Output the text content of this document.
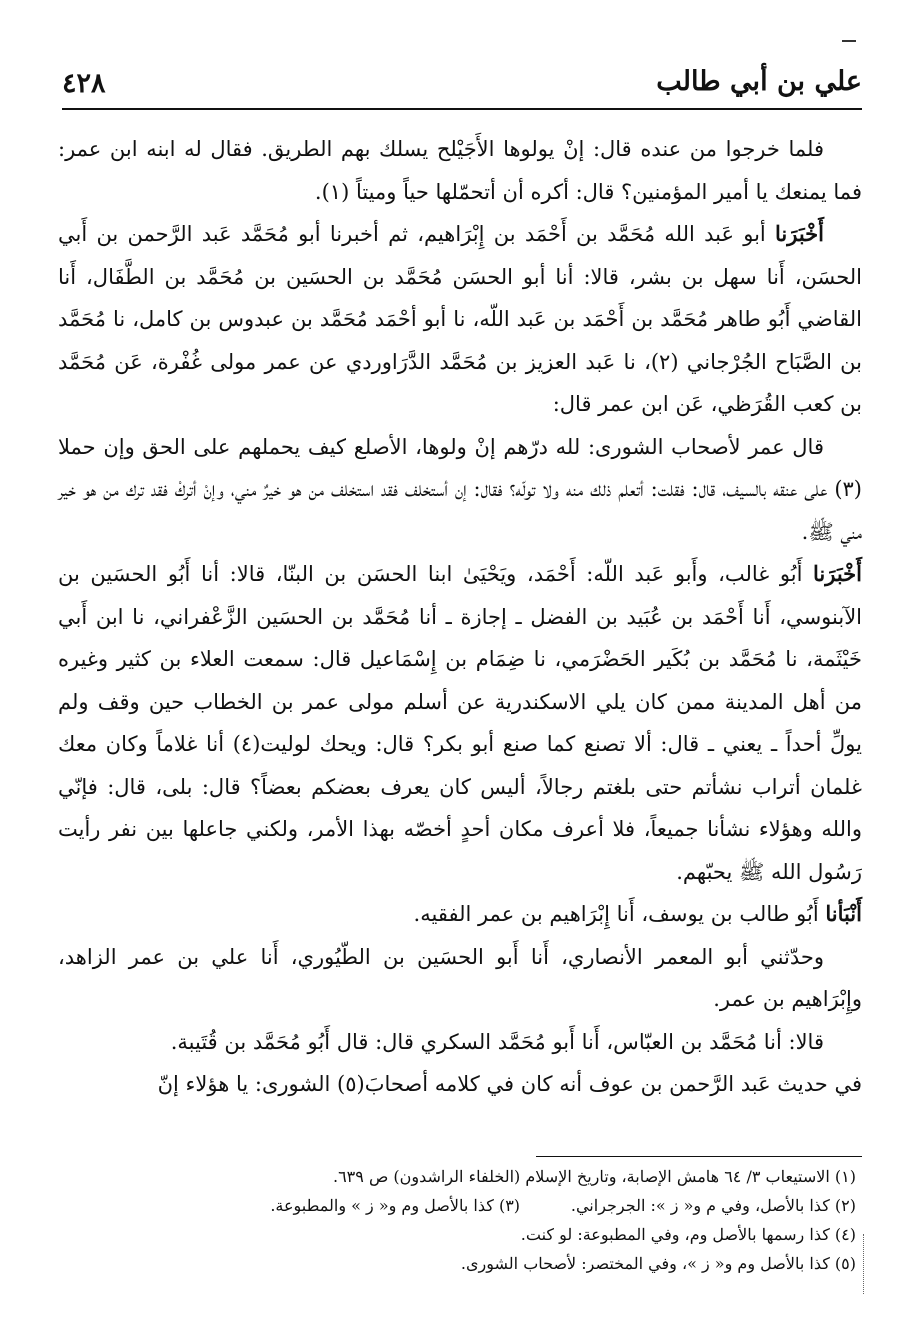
٤٢٨	علي بن أبي طالب

فلما خرجوا من عنده قال: إنْ يولوها الأَجَيْلح يسلك بهم الطريق. فقال له ابنه ابن عمر: فما يمنعك يا أمير المؤمنين؟ قال: أكره أن أتحمّلها حياً وميتاً (١).

أَخْبَرَنا أبو عَبد الله مُحَمَّد بن أَحْمَد بن إِبْرَاهيم، ثم أخبرنا أبو مُحَمَّد عَبد الرَّحمن بن أَبي الحسَن، أَنا سهل بن بشر، قالا: أنا أبو الحسَن مُحَمَّد بن الحسَين بن مُحَمَّد بن الطَّفَال، أَنا القاضي أَبُو طاهر مُحَمَّد بن أَحْمَد بن عَبد اللّه، نا أبو أحْمَد مُحَمَّد بن عبدوس بن كامل، نا مُحَمَّد بن الصَّبَاح الجُرْجاني (٢)، نا عَبد العزيز بن مُحَمَّد الدَّرَاوردي عن عمر مولى غُفْرة، عَن مُحَمَّد بن كعب القُرَظي، عَن ابن عمر قال:

قال عمر لأصحاب الشورى: لله درّهم إنْ ولوها، الأصلع كيف يحملهم على الحق وإن حملا (٣) على عنقه بالسيف، قال: فقلت: أتعلم ذلك منه ولا تولّه؟ فقال: إن أستخلف فقد استخلف من هو خيرٌ مني، وإنْ أتركْ فقد ترك من هو خير مني ﷺ.

أَخْبَرَنا أَبُو غالب، وأَبو عَبد اللّه: أَحْمَد، ويَحْيَىٰ ابنا الحسَن بن البنّا، قالا: أنا أَبُو الحسَين بن الآبنوسي، أَنا أَحْمَد بن عُبَيد بن الفضل ـ إجازة ـ أنا مُحَمَّد بن الحسَين الزَّعْفراني، نا ابن أَبي خَيْثَمة، نا مُحَمَّد بن بُكَير الحَضْرَمي، نا ضِمَام بن إِسْمَاعيل قال: سمعت العلاء بن كثير وغيره من أهل المدينة ممن كان يلي الاسكندرية عن أسلم مولى عمر بن الخطاب حين وقف ولم يولِّ أحداً ـ يعني ـ قال: ألا تصنع كما صنع أبو بكر؟ قال: ويحك لوليت(٤) أنا غلاماً وكان معك غلمان أتراب نشأتم حتى بلغتم رجالاً، أليس كان يعرف بعضكم بعضاً؟ قال: بلى، قال: فإنّي والله وهؤلاء نشأنا جميعاً، فلا أعرف مكان أحدٍ أخصّه بهذا الأمر، ولكني جاعلها بين نفر رأيت رَسُول الله ﷺ يحبّهم.

أَنْبَأنا أَبُو طالب بن يوسف، أَنا إِبْرَاهيم بن عمر الفقيه.

وحدّثني أبو المعمر الأنصاري، أَنا أَبو الحسَين بن الطّيُوري، أَنا علي بن عمر الزاهد، وإِبْرَاهيم بن عمر.

قالا: أنا مُحَمَّد بن العبّاس، أَنا أَبو مُحَمَّد السكري قال: قال أَبُو مُحَمَّد بن قُتَيبة.

في حديث عَبد الرَّحمن بن عوف أنه كان في كلامه أصحابَ(٥) الشورى: يا هؤلاء إنّ

(١) الاستيعاب ٣/ ٦٤ هامش الإصابة، وتاريخ الإسلام (الخلفاء الراشدون) ص ٦٣٩.

(٢) كذا بالأصل، وفي م و« ز »: الجرجراني.          (٣) كذا بالأصل وم و« ز » والمطبوعة.

(٤) كذا رسمها بالأصل وم، وفي المطبوعة: لو كنت.

(٥) كذا بالأصل وم و« ز »، وفي المختصر: لأصحاب الشورى.
